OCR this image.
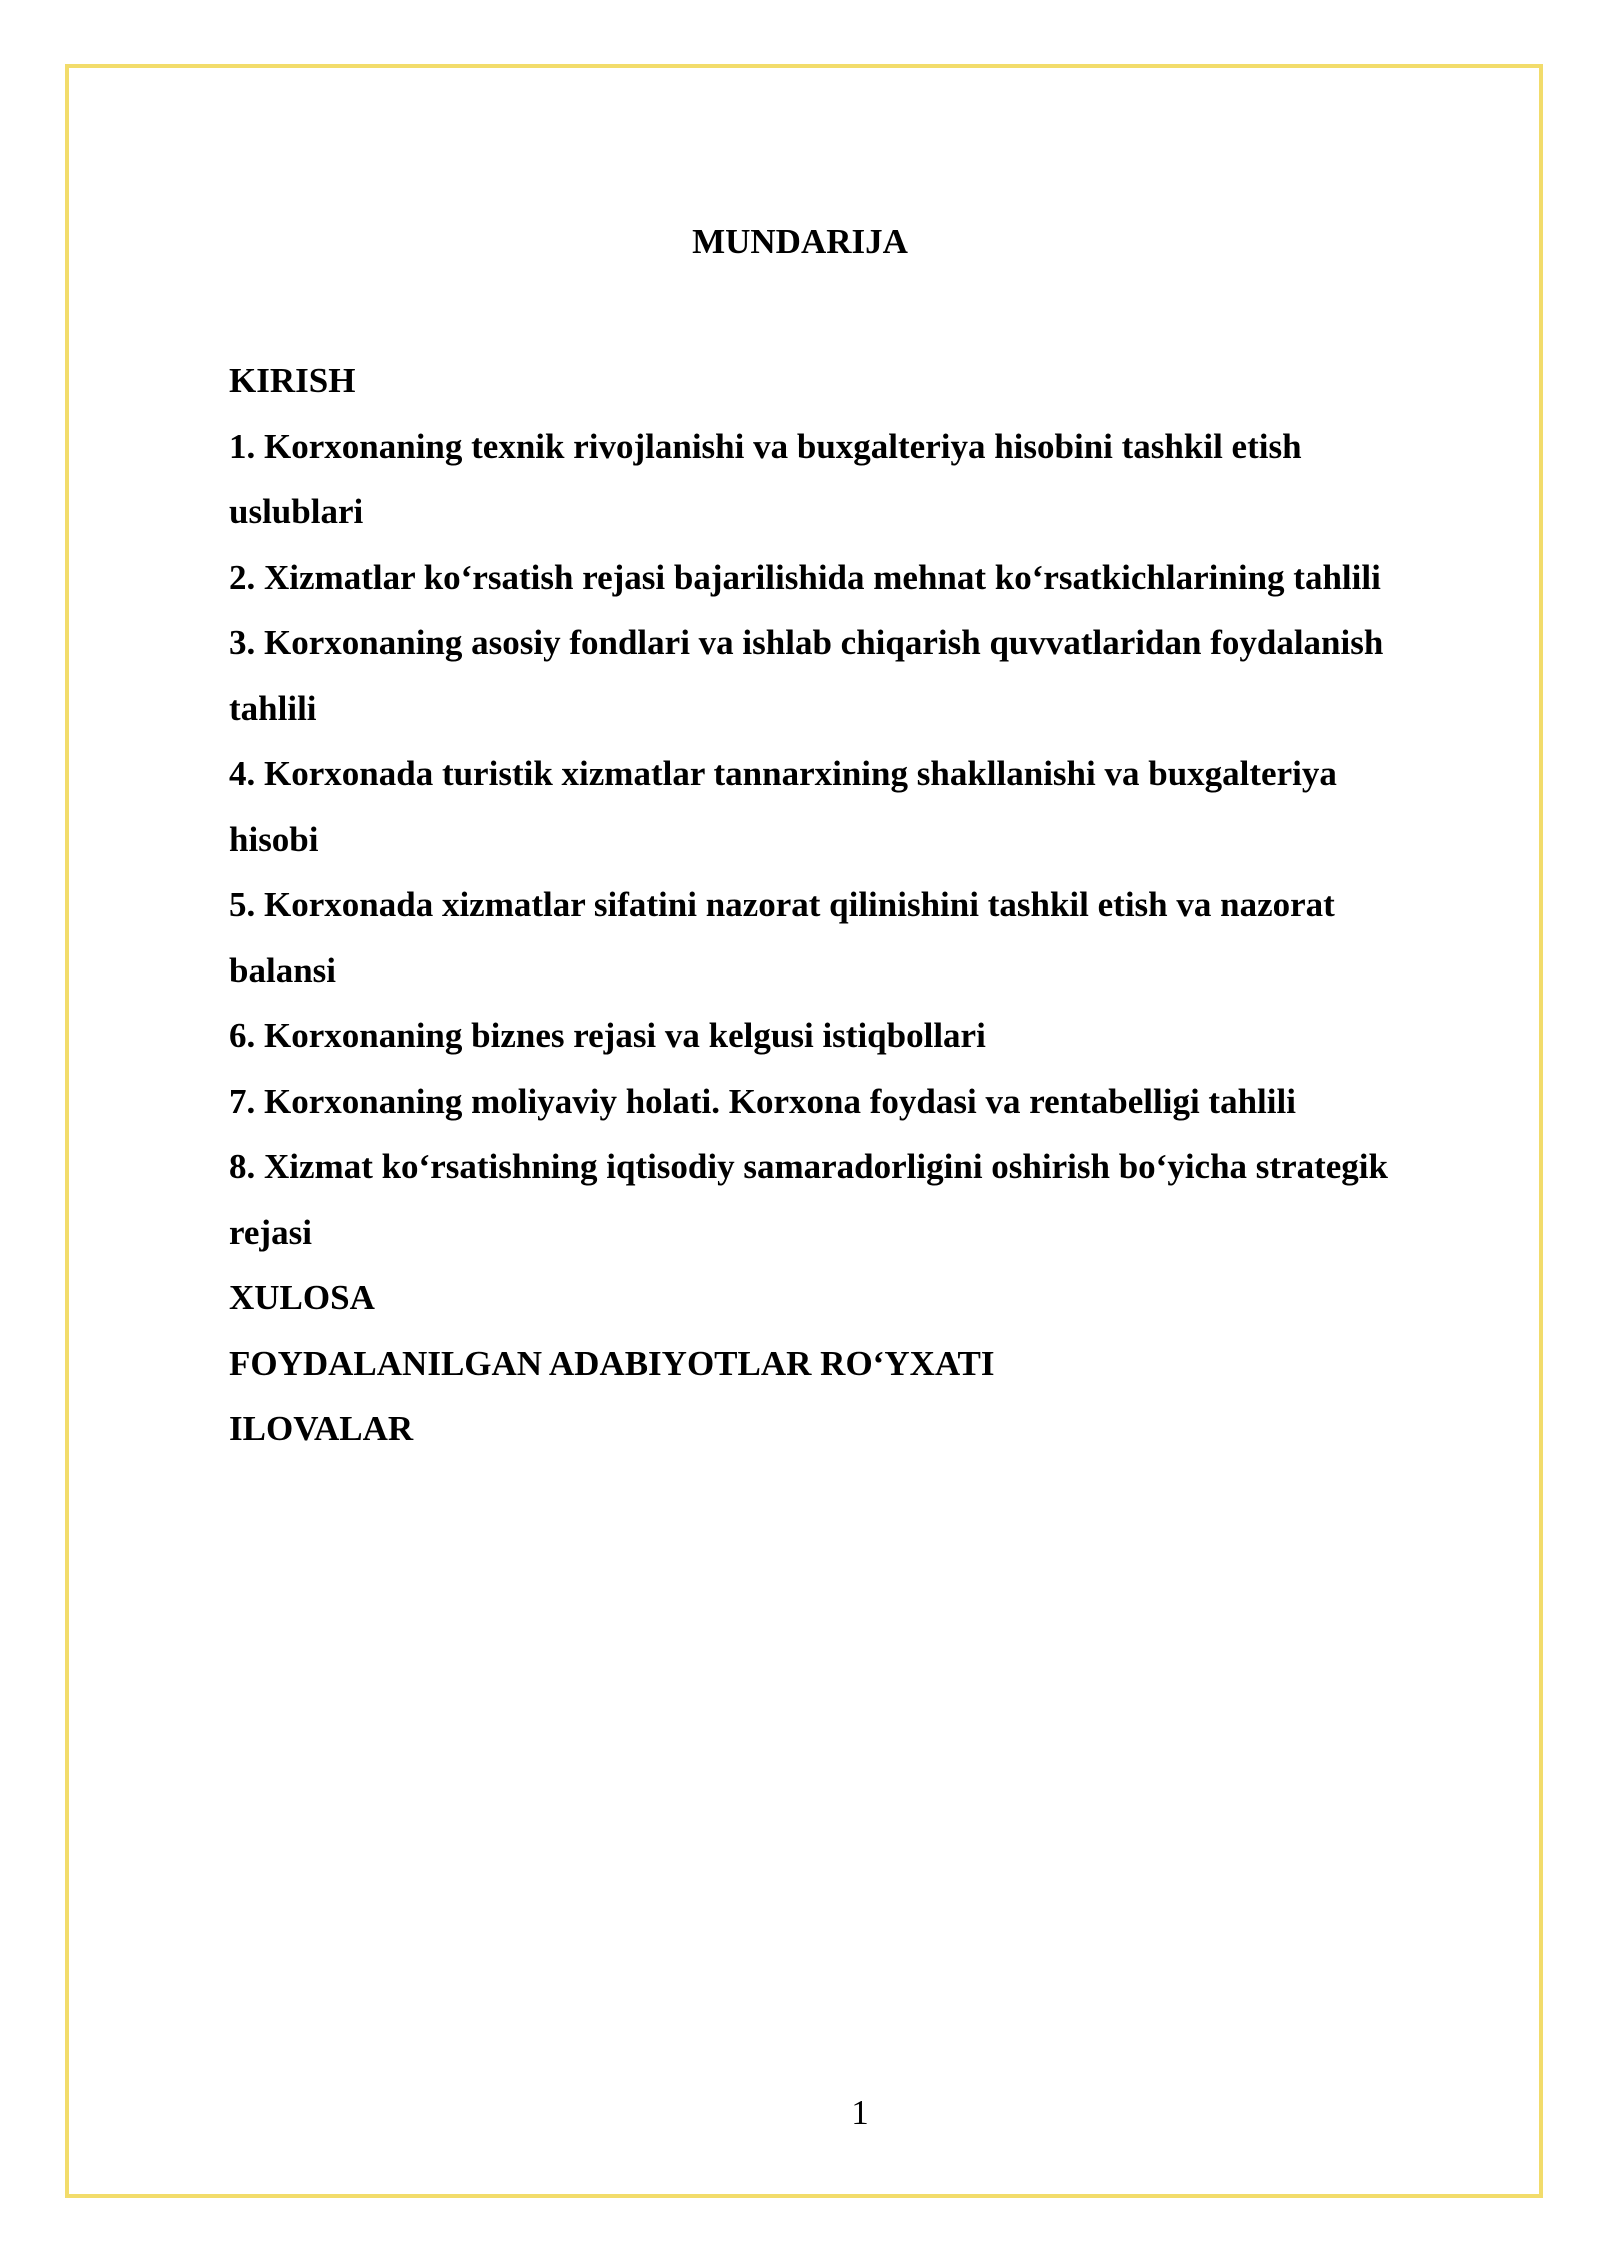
MUNDARIJA
KIRISH
1. Korxonaning texnik rivojlanishi va buxgalteriya hisobini tashkil etish
uslublari
2. Xizmatlar ko‘rsatish rejasi bajarilishida mehnat ko‘rsatkichlarining tahlili
3. Korxonaning asosiy fondlari va ishlab chiqarish quvvatlaridan foydalanish
tahlili
4. Korxonada turistik xizmatlar tannarxining shakllanishi va buxgalteriya
hisobi
5. Korxonada xizmatlar sifatini nazorat qilinishini tashkil etish va nazorat
balansi
6. Korxonaning biznes rejasi va kelgusi istiqbollari
7. Korxonaning moliyaviy holati. Korxona foydasi va rentabelligi tahlili
8. Xizmat ko‘rsatishning iqtisodiy samaradorligini oshirish bo‘yicha strategik
rejasi
XULOSA
FOYDALANILGAN ADABIYOTLAR RO‘YXATI
ILOVALAR
1
